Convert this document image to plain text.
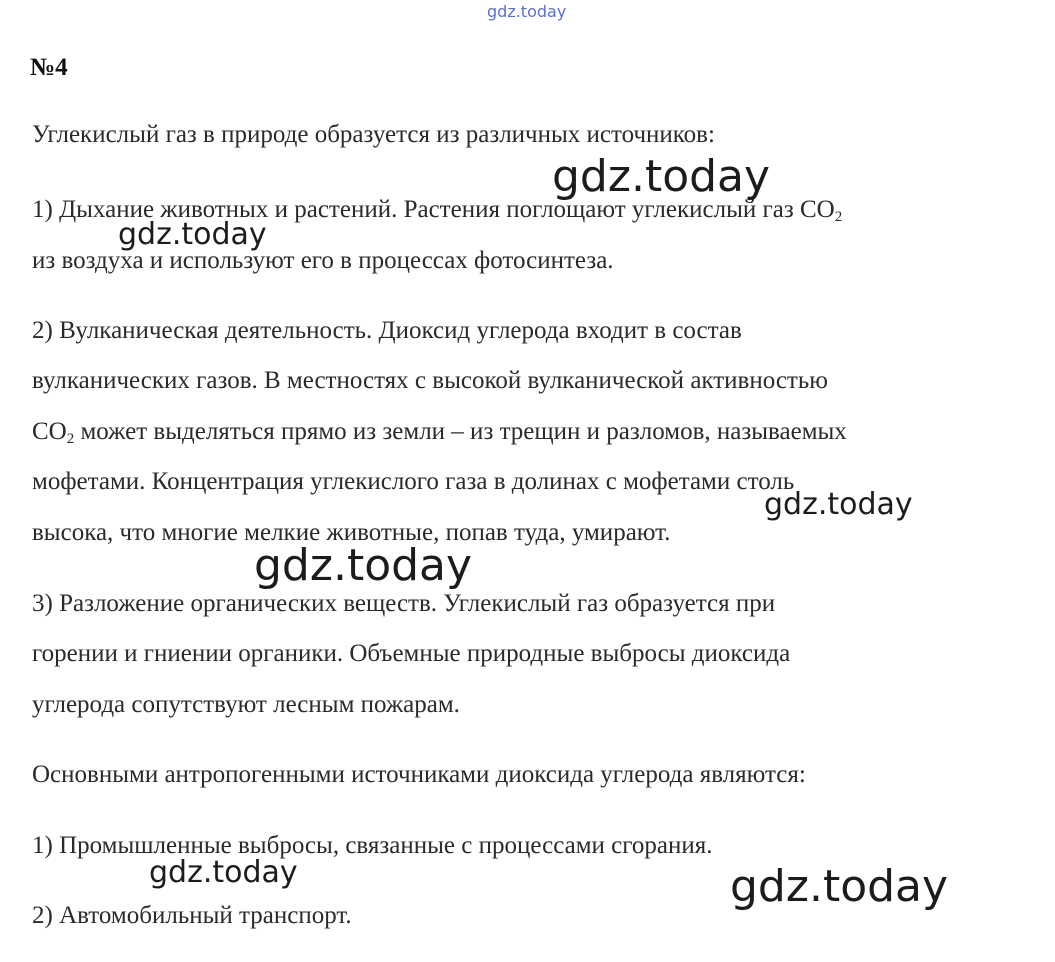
gdz.today
№4

Углекислый газ в природе образуется из различных источников:

1) Дыхание животных и растений. Растения поглощают углекислый газ $CO_2$

из воздуха и используют его в процессах фотосинтеза.

2) Вулканическая деятельность. Диоксид углерода входит в состав

вулканических газов. В местностях с высокой вулканической активностью

$CO_2$ может выделяться прямо из земли – из трещин и разломов, называемых

мофетами. Концентрация углекислого газа в долинах с мофетами столь

высока, что многие мелкие животные, попав туда, умирают.

3) Разложение органических веществ. Углекислый газ образуется при

горении и гниении органики. Объемные природные выбросы диоксида

углерода сопутствуют лесным пожарам.

Основными антропогенными источниками диоксида углерода являются:

1) Промышленные выбросы, связанные с процессами сгорания.

2) Автомобильный транспорт.

gdz.today
gdz.today
gdz.today
gdz.today
gdz.today	gdz.today
